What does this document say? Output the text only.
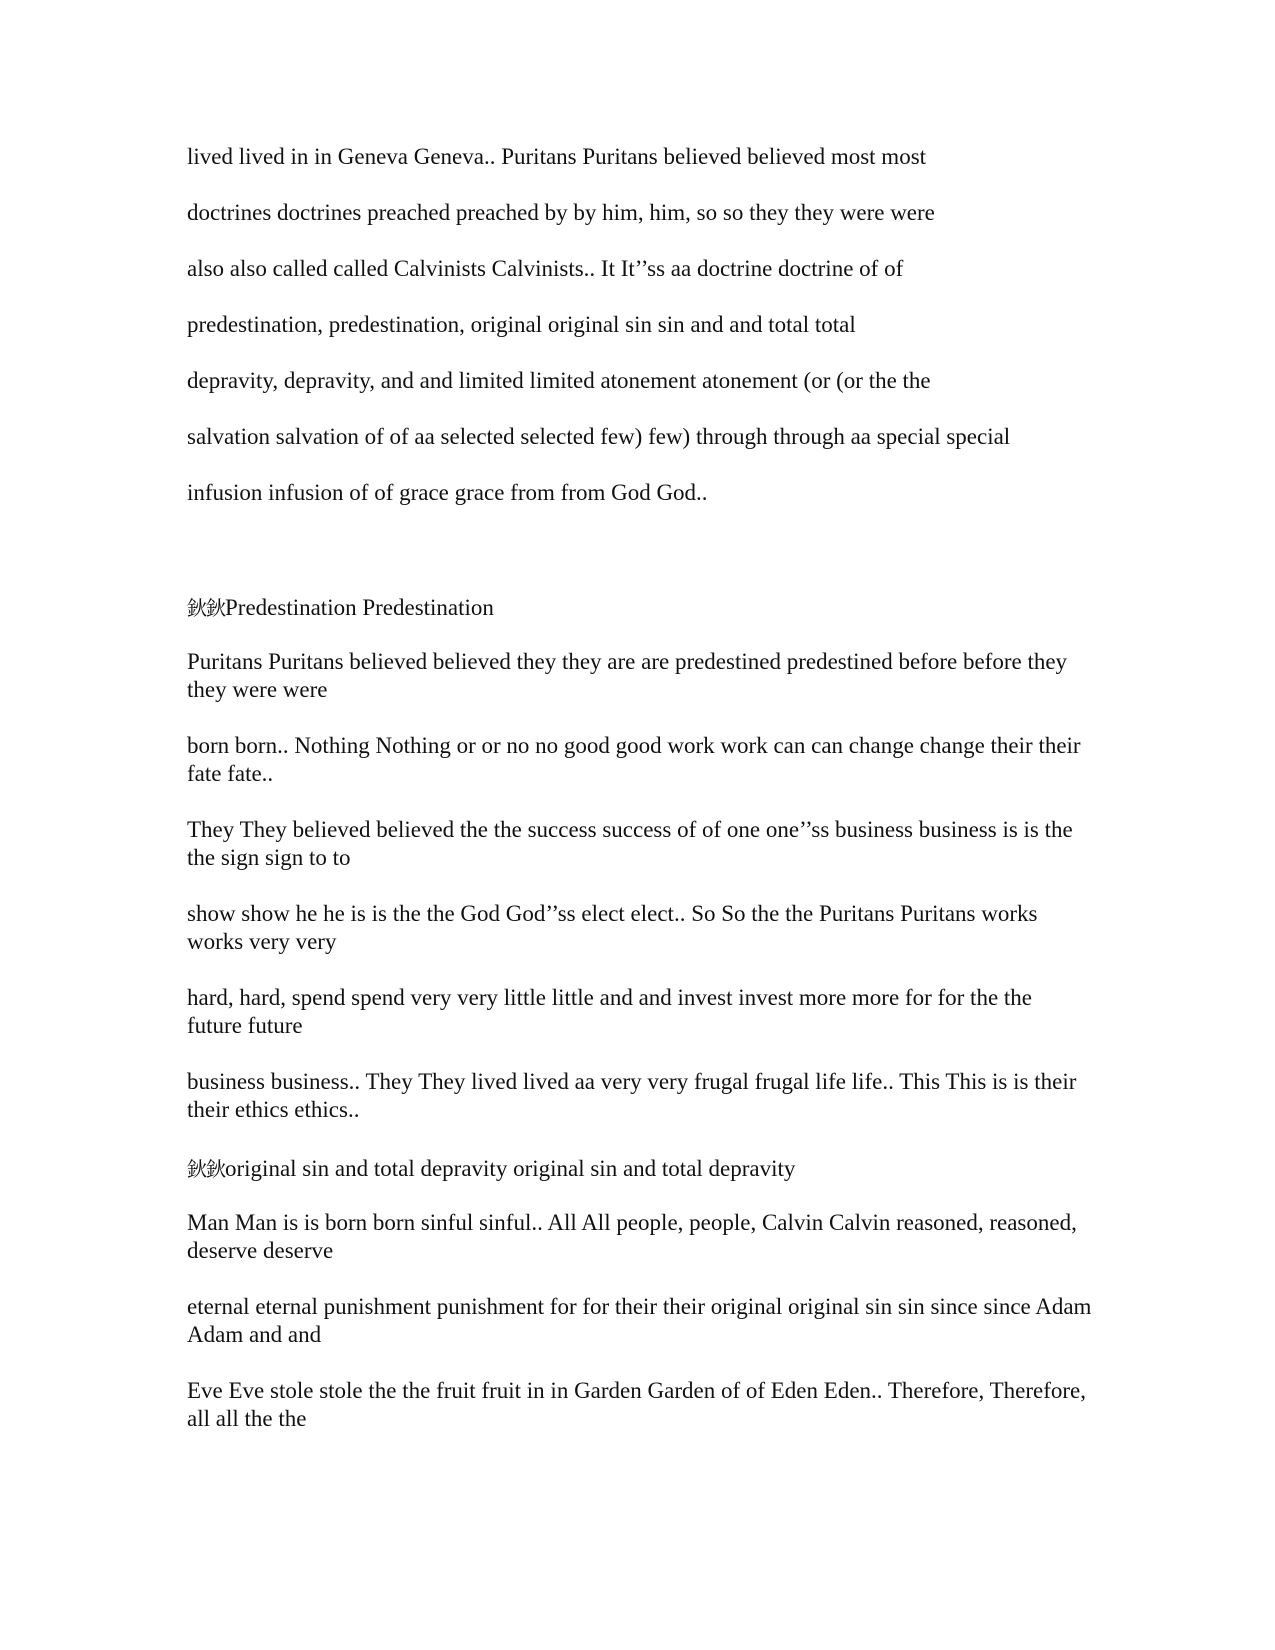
lived lived in in Geneva Geneva.. Puritans Puritans believed believed most most
doctrines doctrines preached preached by by him, him, so so they they were were
also also called called Calvinists Calvinists.. It It’’ss aa doctrine doctrine of of
predestination, predestination, original original sin sin and and total total
depravity, depravity, and and limited limited atonement atonement (or (or the the
salvation salvation of of aa selected selected few) few) through through aa special special
infusion infusion of of grace grace from from God God..
鈥鈥Predestination Predestination
Puritans Puritans believed believed they they are are predestined predestined before before they they were were
born born.. Nothing Nothing or or no no good good work work can can change change their their fate fate..
They They believed believed the the success success of of one one’’ss business business is is the the sign sign to to
show show he he is is the the God God’’ss elect elect.. So So the the Puritans Puritans works works very very
hard, hard, spend spend very very little little and and invest invest more more for for the the future future
business business.. They They lived lived aa very very frugal frugal life life.. This This is is their their ethics ethics..
鈥鈥original sin and total depravity original sin and total depravity
Man Man is is born born sinful sinful.. All All people, people, Calvin Calvin reasoned, reasoned, deserve deserve
eternal eternal punishment punishment for for their their original original sin sin since since Adam Adam and and
Eve Eve stole stole the the fruit fruit in in Garden Garden of of Eden Eden.. Therefore, Therefore, all all the the
